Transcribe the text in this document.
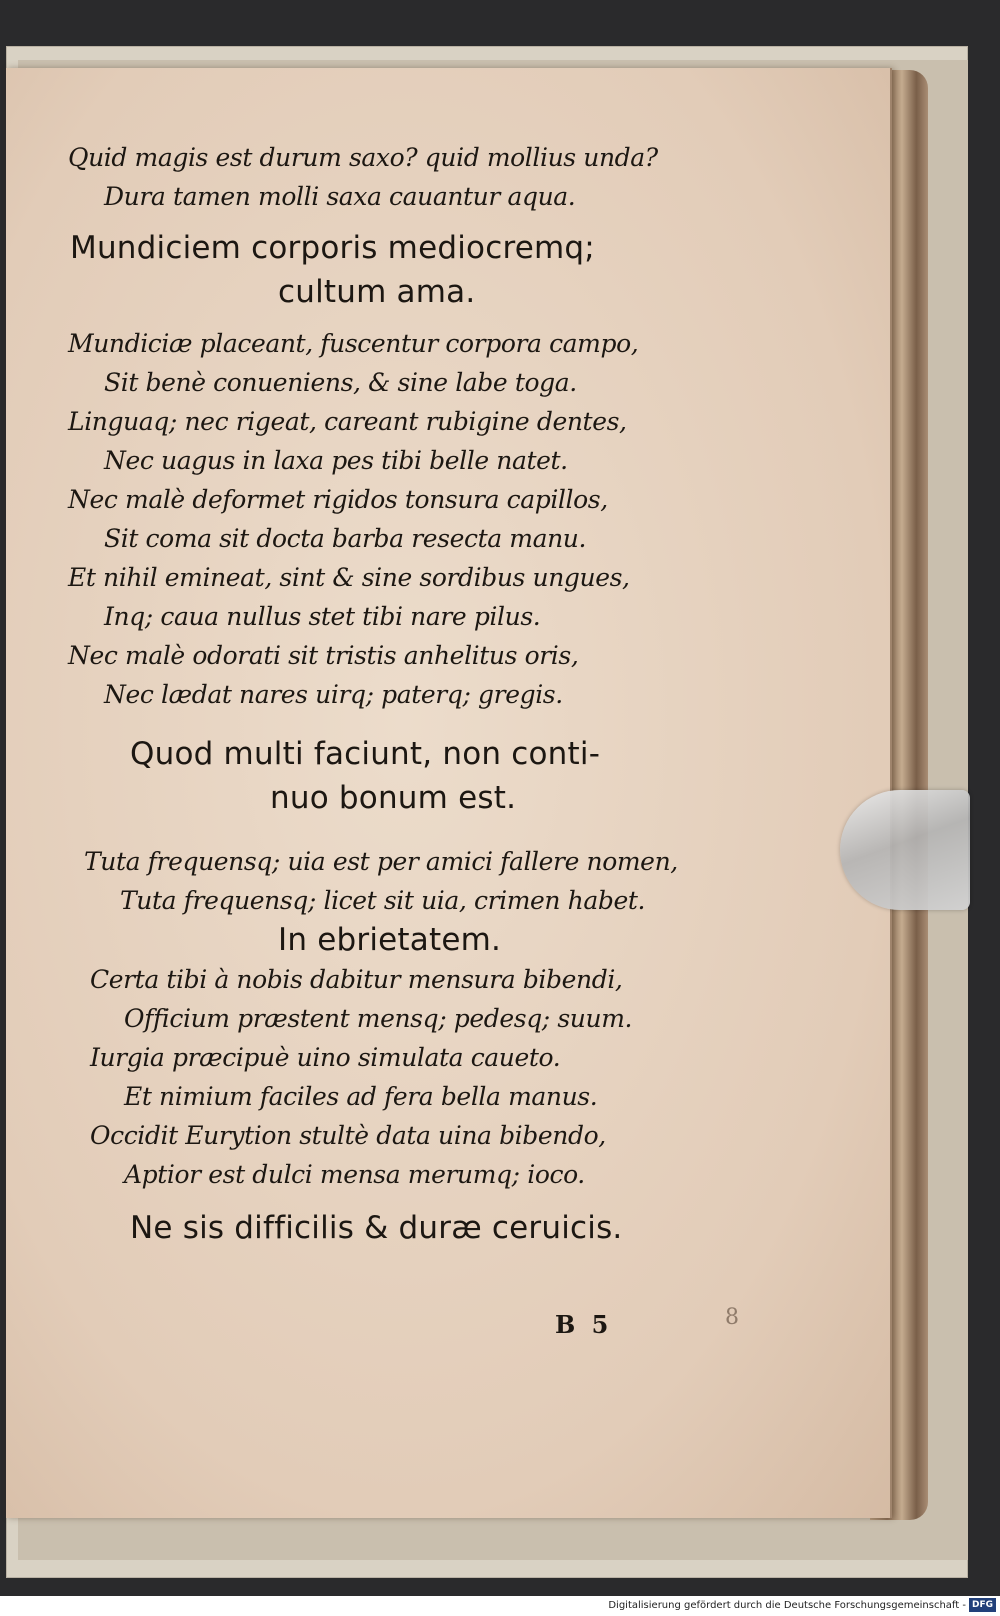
Quid magis est durum saxo? quid mollius unda?
Dura tamen molli saxa cauantur aqua.
Mundiciem corporis mediocremq;
cultum ama.
Mundiciæ placeant, fuscentur corpora campo,
Sit benè conueniens, & sine labe toga.
Linguaq; nec rigeat, careant rubigine dentes,
Nec uagus in laxa pes tibi belle natet.
Nec malè deformet rigidos tonsura capillos,
Sit coma sit docta barba resecta manu.
Et nihil emineat, sint & sine sordibus ungues,
Inq; caua nullus stet tibi nare pilus.
Nec malè odorati sit tristis anhelitus oris,
Nec lædat nares uirq; paterq; gregis.
Quod multi faciunt, non conti-
nuo bonum est.
Tuta frequensq; uia est per amici fallere nomen,
Tuta frequensq; licet sit uia, crimen habet.
In ebrietatem.
Certa tibi à nobis dabitur mensura bibendi,
Officium præstent mensq; pedesq; suum.
Iurgia præcipuè uino simulata caueto.
Et nimium faciles ad fera bella manus.
Occidit Eurytion stultè data uina bibendo,
Aptior est dulci mensa merumq; ioco.
Ne sis difficilis & duræ ceruicis.
B 5	8
Digitalisierung gefördert durch die Deutsche Forschungsgemeinschaft - DFG
